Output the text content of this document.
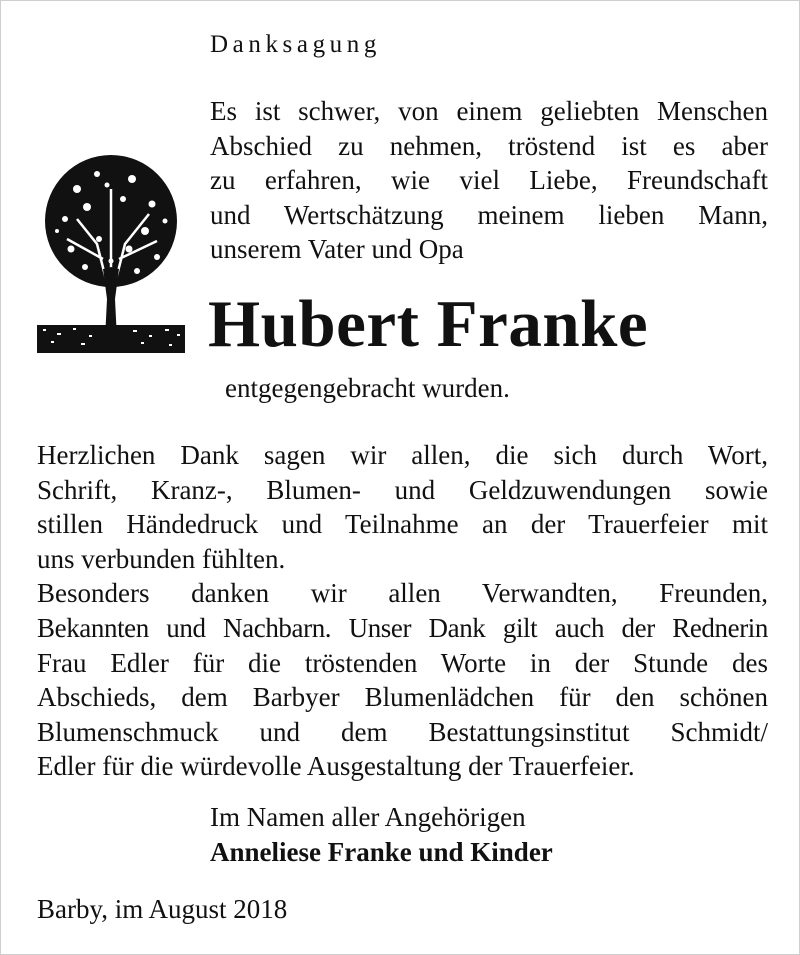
Danksagung
Es ist schwer, von einem geliebten Menschen
Abschied zu nehmen, tröstend ist es aber
zu erfahren, wie viel Liebe, Freundschaft
und Wertschätzung meinem lieben Mann,
unserem Vater und Opa
Hubert Franke
entgegengebracht wurden.
Herzlichen Dank sagen wir allen, die sich durch Wort,
Schrift, Kranz-, Blumen- und Geldzuwendungen sowie
stillen Händedruck und Teilnahme an der Trauerfeier mit
uns verbunden fühlten.
Besonders danken wir allen Verwandten, Freunden,
Bekannten und Nachbarn. Unser Dank gilt auch der Rednerin
Frau Edler für die tröstenden Worte in der Stunde des
Abschieds, dem Barbyer Blumenlädchen für den schönen
Blumenschmuck und dem Bestattungsinstitut Schmidt/
Edler für die würdevolle Ausgestaltung der Trauerfeier.
Im Namen aller Angehörigen
Anneliese Franke und Kinder
Barby, im August 2018
